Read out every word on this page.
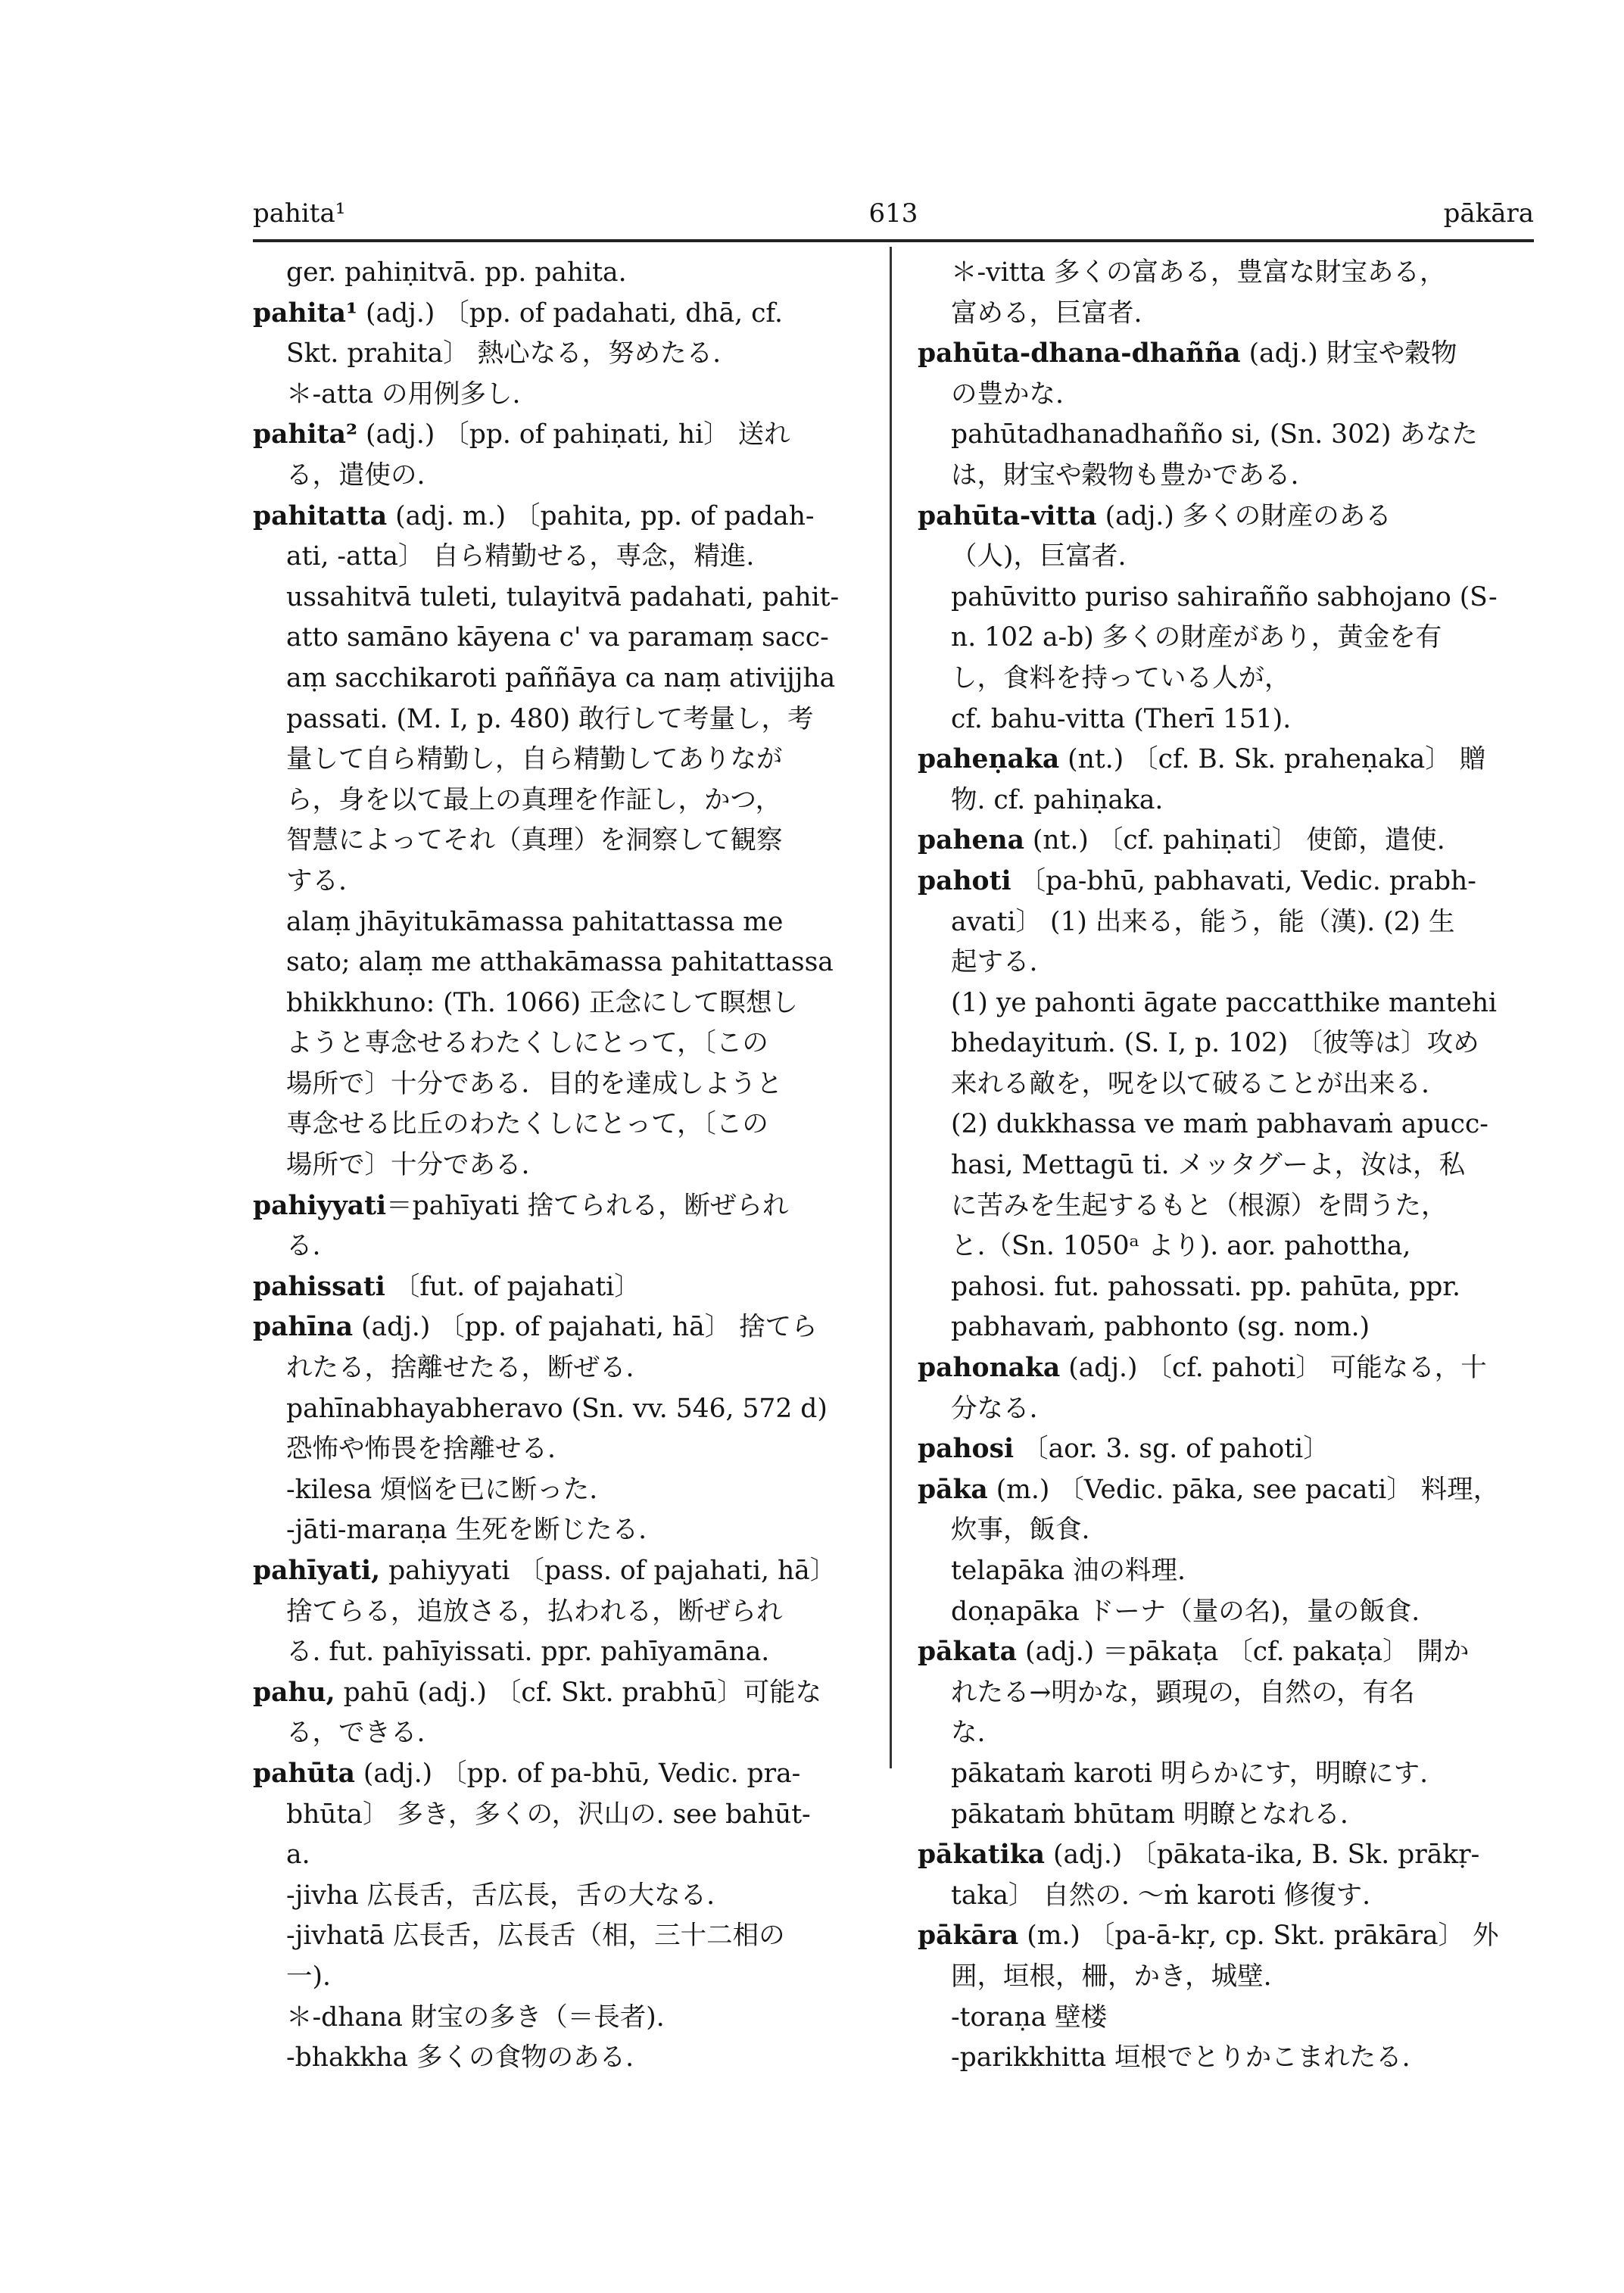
pahita¹	613	pākāra
ger. pahiṇitvā. pp. pahita.
pahita¹ (adj.) 〔pp. of padahati, dhā, cf.
Skt. prahita〕 熱心なる，努めたる.
＊-atta の用例多し.
pahita² (adj.) 〔pp. of pahiṇati, hi〕 送れ
る，遣使の.
pahitatta (adj. m.) 〔pahita, pp. of padah-
ati, -atta〕 自ら精勤せる，専念，精進.
ussahitvā tuleti, tulayitvā padahati, pahit-
atto samāno kāyena c' va paramaṃ sacc-
aṃ sacchikaroti paññāya ca naṃ ativijjha
passati. (M. I, p. 480) 敢行して考量し，考
量して自ら精勤し，自ら精勤してありなが
ら，身を以て最上の真理を作証し，かつ，
智慧によってそれ（真理）を洞察して観察
する.
alaṃ jhāyitukāmassa pahitattassa me
sato; alaṃ me atthakāmassa pahitattassa
bhikkhuno: (Th. 1066) 正念にして瞑想し
ようと専念せるわたくしにとって，〔この
場所で〕十分である．目的を達成しようと
専念せる比丘のわたくしにとって，〔この
場所で〕十分である.
pahiyyati＝pahīyati 捨てられる，断ぜられ
る.
pahissati 〔fut. of pajahati〕
pahīna (adj.) 〔pp. of pajahati, hā〕 捨てら
れたる，捨離せたる，断ぜる.
pahīnabhayabheravo (Sn. vv. 546, 572 d)
恐怖や怖畏を捨離せる.
-kilesa 煩悩を已に断った.
-jāti-maraṇa 生死を断じたる.
pahīyati, pahiyyati 〔pass. of pajahati, hā〕
捨てらる，追放さる，払われる，断ぜられ
る. fut. pahīyissati. ppr. pahīyamāna.
pahu, pahū (adj.) 〔cf. Skt. prabhū〕可能な
る，できる.
pahūta (adj.) 〔pp. of pa-bhū, Vedic. pra-
bhūta〕 多き，多くの，沢山の. see bahūt-
a.
-jivha 広長舌，舌広長，舌の大なる.
-jivhatā 広長舌，広長舌（相，三十二相の
一).
＊-dhana 財宝の多き（＝長者).
-bhakkha 多くの食物のある.
＊-vitta 多くの富ある，豊富な財宝ある，
富める，巨富者.
pahūta-dhana-dhañña (adj.) 財宝や穀物
の豊かな.
pahūtadhanadhañño si, (Sn. 302) あなた
は，財宝や穀物も豊かである.
pahūta-vitta (adj.) 多くの財産のある
（人)，巨富者.
pahūvitto puriso sahirañño sabhojano (S-
n. 102 a-b) 多くの財産があり，黄金を有
し，食料を持っている人が，
cf. bahu-vitta (Therī 151).
paheṇaka (nt.) 〔cf. B. Sk. praheṇaka〕 贈
物. cf. pahiṇaka.
pahena (nt.) 〔cf. pahiṇati〕 使節，遣使.
pahoti 〔pa-bhū, pabhavati, Vedic. prabh-
avati〕 (1) 出来る，能う，能（漢). (2) 生
起する.
(1) ye pahonti āgate paccatthike mantehi
bhedayituṁ. (S. I, p. 102) 〔彼等は〕攻め
来れる敵を，呪を以て破ることが出来る.
(2) dukkhassa ve maṁ pabhavaṁ apucc-
hasi, Mettagū ti. メッタグーよ，汝は，私
に苦みを生起するもと（根源）を問うた，
と.（Sn. 1050ᵃ より). aor. pahottha,
pahosi. fut. pahossati. pp. pahūta, ppr.
pabhavaṁ, pabhonto (sg. nom.)
pahonaka (adj.) 〔cf. pahoti〕 可能なる，十
分なる.
pahosi 〔aor. 3. sg. of pahoti〕
pāka (m.) 〔Vedic. pāka, see pacati〕 料理，
炊事，飯食.
telapāka 油の料理.
doṇapāka ドーナ（量の名)，量の飯食.
pākata (adj.) ＝pākaṭa 〔cf. pakaṭa〕 開か
れたる→明かな，顕現の，自然の，有名
な.
pākataṁ karoti 明らかにす，明瞭にす.
pākataṁ bhūtam 明瞭となれる.
pākatika (adj.) 〔pākata-ika, B. Sk. prākṛ-
taka〕 自然の. ～ṁ karoti 修復す.
pākāra (m.) 〔pa-ā-kṛ, cp. Skt. prākāra〕 外
囲，垣根，柵，かき，城壁.
-toraṇa 壁楼
-parikkhitta 垣根でとりかこまれたる.
